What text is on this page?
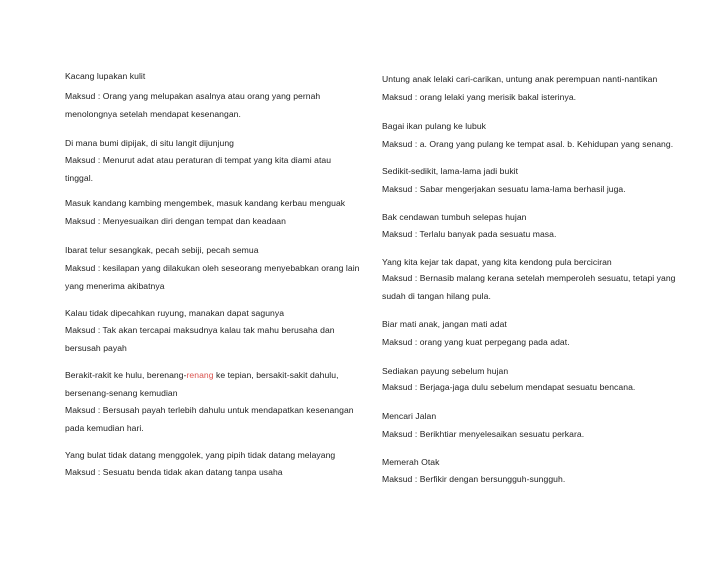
Kacang lupakan kulit
Maksud : Orang yang melupakan asalnya atau orang yang pernah
menolongnya setelah mendapat kesenangan.
Di mana bumi dipijak, di situ langit dijunjung
Maksud : Menurut adat atau peraturan di tempat yang kita diami atau
tinggal.
Masuk kandang kambing mengembek, masuk kandang kerbau menguak
Maksud : Menyesuaikan diri dengan tempat dan keadaan
Ibarat telur sesangkak, pecah sebiji, pecah semua
Maksud : kesilapan yang dilakukan oleh seseorang menyebabkan orang lain
yang menerima akibatnya
Kalau tidak dipecahkan ruyung, manakan dapat sagunya
Maksud : Tak akan tercapai maksudnya kalau tak mahu berusaha dan
bersusah payah
Berakit-rakit ke hulu, berenang-renang ke tepian, bersakit-sakit dahulu,
bersenang-senang kemudian
Maksud : Bersusah payah terlebih dahulu untuk mendapatkan kesenangan
pada kemudian hari.
Yang bulat tidak datang menggolek, yang pipih tidak datang melayang
Maksud : Sesuatu benda tidak akan datang tanpa usaha
Untung anak lelaki cari-carikan, untung anak perempuan nanti-nantikan
Maksud : orang lelaki yang merisik bakal isterinya.
Bagai ikan pulang ke lubuk
Maksud : a. Orang yang pulang ke tempat asal. b. Kehidupan yang senang.
Sedikit-sedikit, lama-lama jadi bukit
Maksud : Sabar mengerjakan sesuatu lama-lama berhasil juga.
Bak cendawan tumbuh selepas hujan
Maksud : Terlalu banyak pada sesuatu masa.
Yang kita kejar tak dapat, yang kita kendong pula berciciran
Maksud : Bernasib malang kerana setelah memperoleh sesuatu, tetapi yang
sudah di tangan hilang pula.
Biar mati anak, jangan mati adat
Maksud : orang yang kuat perpegang pada adat.
Sediakan payung sebelum hujan
Maksud : Berjaga-jaga dulu sebelum mendapat sesuatu bencana.
Mencari Jalan
Maksud : Berikhtiar menyelesaikan sesuatu perkara.
Memerah Otak
Maksud : Berfikir dengan bersungguh-sungguh.
